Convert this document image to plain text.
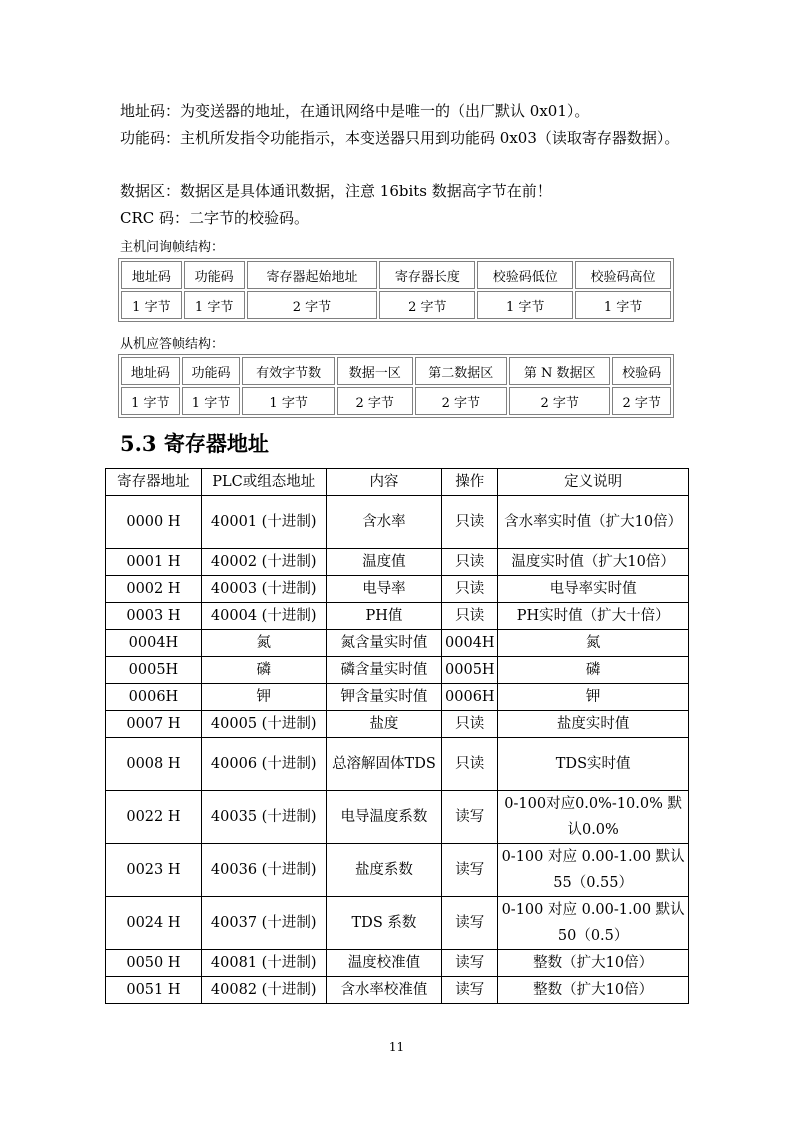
地址码：为变送器的地址，在通讯网络中是唯一的（出厂默认 0x01）。

功能码：主机所发指令功能指示，本变送器只用到功能码 0x03（读取寄存器数据）。

数据区：数据区是具体通讯数据，注意 16bits 数据高字节在前！

CRC 码：二字节的校验码。

主机问询帧结构：

地址码	功能码	寄存器起始地址	寄存器长度	校验码低位	校验码高位
1 字节	1 字节	2 字节	2 字节	1 字节	1 字节

从机应答帧结构：

地址码	功能码	有效字节数	数据一区	第二数据区	第 N 数据区	校验码
1 字节	1 字节	1 字节	2 字节	2 字节	2 字节	2 字节
5.3 寄存器地址
寄存器地址	PLC或组态地址	内容	操作	定义说明
0000 H	40001 (十进制)	含水率	只读	含水率实时值（扩大10倍）
0001 H	40002 (十进制)	温度值	只读	温度实时值（扩大10倍）
0002 H	40003 (十进制)	电导率	只读	电导率实时值
0003 H	40004 (十进制)	PH值	只读	PH实时值（扩大十倍）
0004H	氮	氮含量实时值	0004H	氮
0005H	磷	磷含量实时值	0005H	磷
0006H	钾	钾含量实时值	0006H	钾
0007 H	40005 (十进制)	盐度	只读	盐度实时值
0008 H	40006 (十进制)	总溶解固体TDS	只读	TDS实时值
0022 H	40035 (十进制)	电导温度系数	读写	0-100对应0.0%-10.0% 默认0.0%
0023 H	40036 (十进制)	盐度系数	读写	0-100 对应 0.00-1.00 默认55（0.55）
0024 H	40037 (十进制)	TDS 系数	读写	0-100 对应 0.00-1.00 默认50（0.5）
0050 H	40081 (十进制)	温度校准值	读写	整数（扩大10倍）
0051 H	40082 (十进制)	含水率校准值	读写	整数（扩大10倍）

11
